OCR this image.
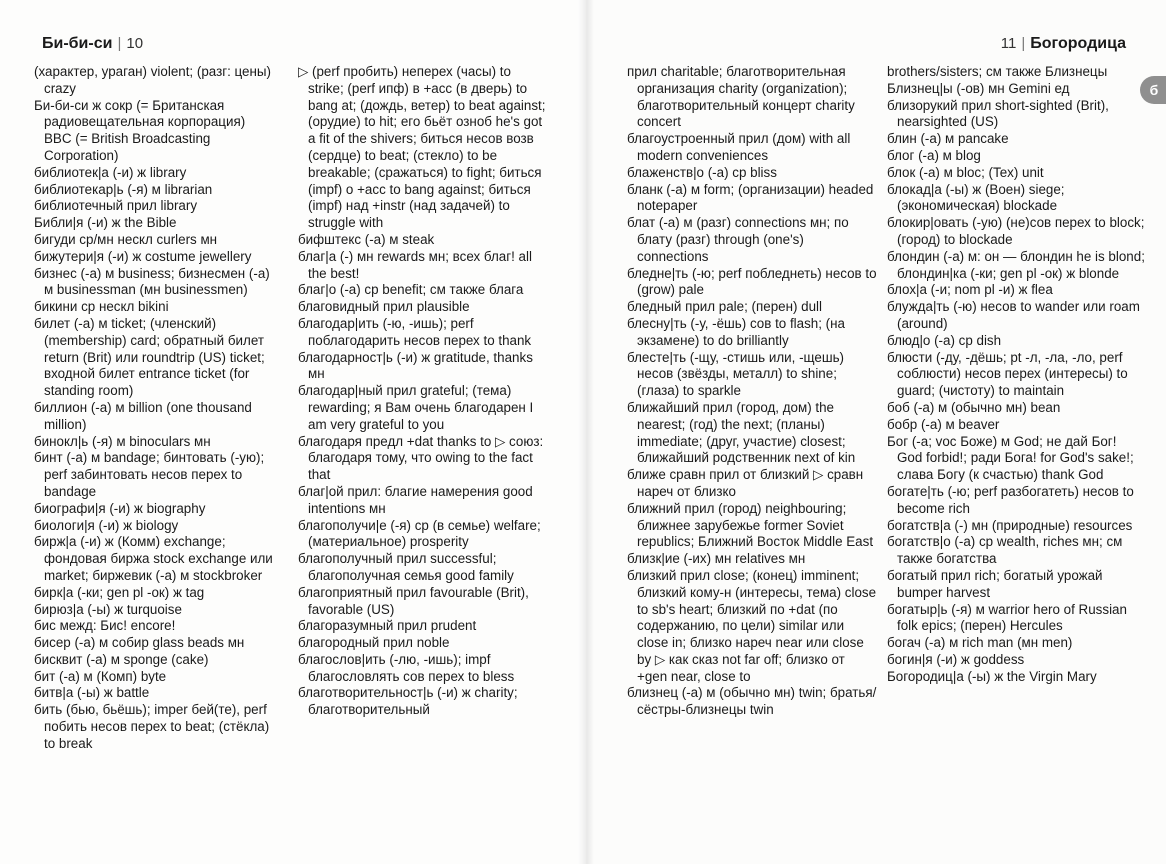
Би-би-си | 10

(характер, ураган) violent; (разг: цены) crazy

Би-би-си ж сокр (= Британская радиовещательная корпорация) BBC (= British Broadcasting Corporation)

библиотек|а (-и) ж library

библиотекар|ь (-я) м librarian

библиотечный прил library

Библи|я (-и) ж the Bible

бигуди ср/мн нескл curlers мн

бижутери|я (-и) ж costume jewellery

бизнес (-а) м business; бизнесмен (-а) м businessman (мн businessmen)

бикини ср нескл bikini

билет (-а) м ticket; (членский) (membership) card; обратный билет return (Brit) или roundtrip (US) ticket; входной билет entrance ticket (for standing room)

биллион (-а) м billion (one thousand million)

бинокл|ь (-я) м binoculars мн

бинт (-а) м bandage; бинтовать (-ую); perf забинтовать несов перех to bandage

биографи|я (-и) ж biography

биологи|я (-и) ж biology

бирж|а (-и) ж (Комм) exchange; фондовая биржа stock exchange или market; биржевик (-а) м stockbroker

бирк|а (-ки; gen pl -ок) ж tag

бирюз|а (-ы) ж turquoise

бис межд: Бис! encore!

бисер (-а) м собир glass beads мн

бисквит (-а) м sponge (cake)

бит (-а) м (Комп) byte

битв|а (-ы) ж battle

бить (бью, бьёшь); imper бей(те), perf побить несов перех to beat; (стёкла) to break

▷ (perf пробить) неперех (часы) to strike; (perf ипф) в +acc (в дверь) to bang at; (дождь, ветер) to beat against; (орудие) to hit; его бьёт озноб he's got a fit of the shivers; биться несов возв (сердце) to beat; (стекло) to be breakable; (сражаться) to fight; биться (impf) о +acc to bang against; биться (impf) над +instr (над задачей) to struggle with

бифштекс (-а) м steak

благ|а (-) мн rewards мн; всех благ! all the best!

благ|о (-а) ср benefit; см также блага

благовидный прил plausible

благодар|ить (-ю, -ишь); perf поблагодарить несов перех to thank

благодарност|ь (-и) ж gratitude, thanks мн

благодар|ный прил grateful; (тема) rewarding; я Вам очень благодарен I am very grateful to you

благодаря предл +dat thanks to ▷ союз: благодаря тому, что owing to the fact that

благ|ой прил: благие намерения good intentions мн

благополучи|е (-я) ср (в семье) welfare; (материальное) prosperity

благополучный прил successful; благополучная семья good family

благоприятный прил favourable (Brit), favorable (US)

благоразумный прил prudent

благородный прил noble

благослов|ить (-лю, -ишь); impf благословлять сов перех to bless

благотворительност|ь (-и) ж charity; благотворительный

11 | Богородица

прил charitable; благотворительная организация charity (organization); благотворительный концерт charity concert

благоустроенный прил (дом) with all modern conveniences

блаженств|о (-а) ср bliss

бланк (-а) м form; (организации) headed notepaper

блат (-а) м (разг) connections мн; по блату (разг) through (one's) connections

бледне|ть (-ю; perf побледнеть) несов to (grow) pale

бледный прил pale; (перен) dull

блесну|ть (-у, -ёшь) сов to flash; (на экзамене) to do brilliantly

блесте|ть (-щу, -стишь или, -щешь) несов (звёзды, металл) to shine; (глаза) to sparkle

ближайший прил (город, дом) the nearest; (год) the next; (планы) immediate; (друг, участие) closest; ближайший родственник next of kin

ближе сравн прил от близкий ▷ сравн нареч от близко

ближний прил (город) neighbouring; ближнее зарубежье former Soviet republics; Ближний Восток Middle East

близк|ие (-их) мн relatives мн

близкий прил close; (конец) imminent; близкий кому-н (интересы, тема) close to sb's heart; близкий по +dat (по содержанию, по цели) similar или close in; близко нареч near или close by ▷ как сказ not far off; близко от +gen near, close to

близнец (-а) м (обычно мн) twin; братья/сёстры-близнецы twin

brothers/sisters; см также Близнецы

Близнец|ы (-ов) мн Gemini ед

близорукий прил short-sighted (Brit), nearsighted (US)

блин (-а) м pancake

блог (-а) м blog

блок (-а) м bloc; (Tex) unit

блокад|а (-ы) ж (Воен) siege; (экономическая) blockade

блокир|овать (-ую) (не)сов перех to block; (город) to blockade

блондин (-а) м: он — блондин he is blond; блондин|ка (-ки; gen pl -ок) ж blonde

блох|а (-и; nom pl -и) ж flea

блужда|ть (-ю) несов to wander или roam (around)

блюд|о (-а) ср dish

блюсти (-ду, -дёшь; pt -л, -ла, -ло, perf соблюсти) несов перех (интересы) to guard; (чистоту) to maintain

боб (-а) м (обычно мн) bean

бобр (-а) м beaver

Бог (-а; voc Боже) м God; не дай Бог! God forbid!; ради Бога! for God's sake!; слава Богу (к счастью) thank God

богате|ть (-ю; perf разбогатеть) несов to become rich

богатств|а (-) мн (природные) resources

богатств|о (-а) ср wealth, riches мн; см также богатства

богатый прил rich; богатый урожай bumper harvest

богатыр|ь (-я) м warrior hero of Russian folk epics; (перен) Hercules

богач (-а) м rich man (мн men)

богин|я (-и) ж goddess

Богородиц|а (-ы) ж the Virgin Mary

б
